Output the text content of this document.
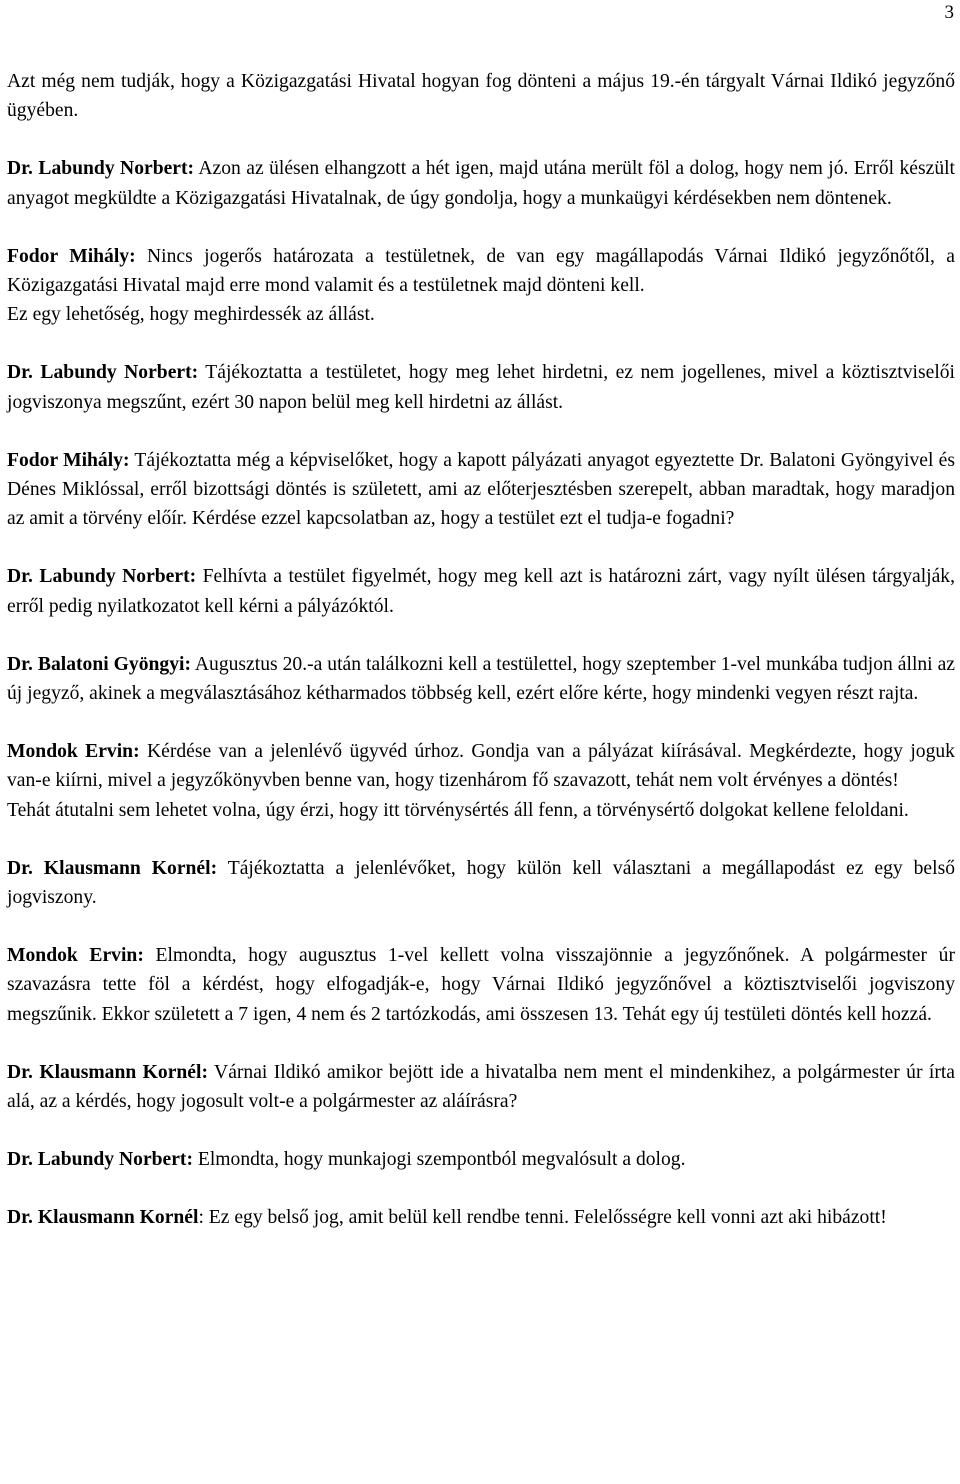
3

Azt még nem tudják, hogy a Közigazgatási Hivatal hogyan fog dönteni a május 19.-én tárgyalt Várnai Ildikó jegyzőnő ügyében.

Dr. Labundy Norbert: Azon az ülésen elhangzott a hét igen, majd utána merült föl a dolog, hogy nem jó. Erről készült anyagot megküldte a Közigazgatási Hivatalnak, de úgy gondolja, hogy a munkaügyi kérdésekben nem döntenek.

Fodor Mihály: Nincs jogerős határozata a testületnek, de van egy magállapodás Várnai Ildikó jegyzőnőtől, a Közigazgatási Hivatal majd erre mond valamit és a testületnek majd dönteni kell.
Ez egy lehetőség, hogy meghirdessék az állást.

Dr. Labundy Norbert: Tájékoztatta a testületet, hogy meg lehet hirdetni, ez nem jogellenes, mivel a köztisztviselői jogviszonya megszűnt, ezért 30 napon belül meg kell hirdetni az állást.

Fodor Mihály: Tájékoztatta még a képviselőket, hogy a kapott pályázati anyagot egyeztette Dr. Balatoni Gyöngyivel és Dénes Miklóssal, erről bizottsági döntés is született, ami az előterjesztésben szerepelt, abban maradtak, hogy maradjon az amit a törvény előír. Kérdése ezzel kapcsolatban az, hogy a testület ezt el tudja-e fogadni?

Dr. Labundy Norbert: Felhívta a testület figyelmét, hogy meg kell azt is határozni zárt, vagy nyílt ülésen tárgyalják, erről pedig nyilatkozatot kell kérni a pályázóktól.

Dr. Balatoni Gyöngyi: Augusztus 20.-a után találkozni kell a testülettel, hogy szeptember 1-vel munkába tudjon állni az új jegyző, akinek a megválasztásához kétharmados többség kell, ezért előre kérte, hogy mindenki vegyen részt rajta.

Mondok Ervin: Kérdése van a jelenlévő ügyvéd úrhoz. Gondja van a pályázat kiírásával. Megkérdezte, hogy joguk van-e kiírni, mivel a jegyzőkönyvben benne van, hogy tizenhárom fő szavazott, tehát nem volt érvényes a döntés!
Tehát átutalni sem lehetet volna, úgy érzi, hogy itt törvénysértés áll fenn, a törvénysértő dolgokat kellene feloldani.

Dr. Klausmann Kornél: Tájékoztatta a jelenlévőket, hogy külön kell választani a megállapodást ez egy belső jogviszony.

Mondok Ervin: Elmondta, hogy augusztus 1-vel kellett volna visszajönnie a jegyzőnőnek. A polgármester úr szavazásra tette föl a kérdést, hogy elfogadják-e, hogy Várnai Ildikó jegyzőnővel a köztisztviselői jogviszony megszűnik. Ekkor született a 7 igen, 4 nem és 2 tartózkodás, ami összesen 13. Tehát egy új testületi döntés kell hozzá.

Dr. Klausmann Kornél: Várnai Ildikó amikor bejött ide a hivatalba nem ment el mindenkihez, a polgármester úr írta alá, az a kérdés, hogy jogosult volt-e a polgármester az aláírásra?

Dr. Labundy Norbert: Elmondta, hogy munkajogi szempontból megvalósult a dolog.

Dr. Klausmann Kornél: Ez egy belső jog, amit belül kell rendbe tenni. Felelősségre kell vonni azt aki hibázott!
